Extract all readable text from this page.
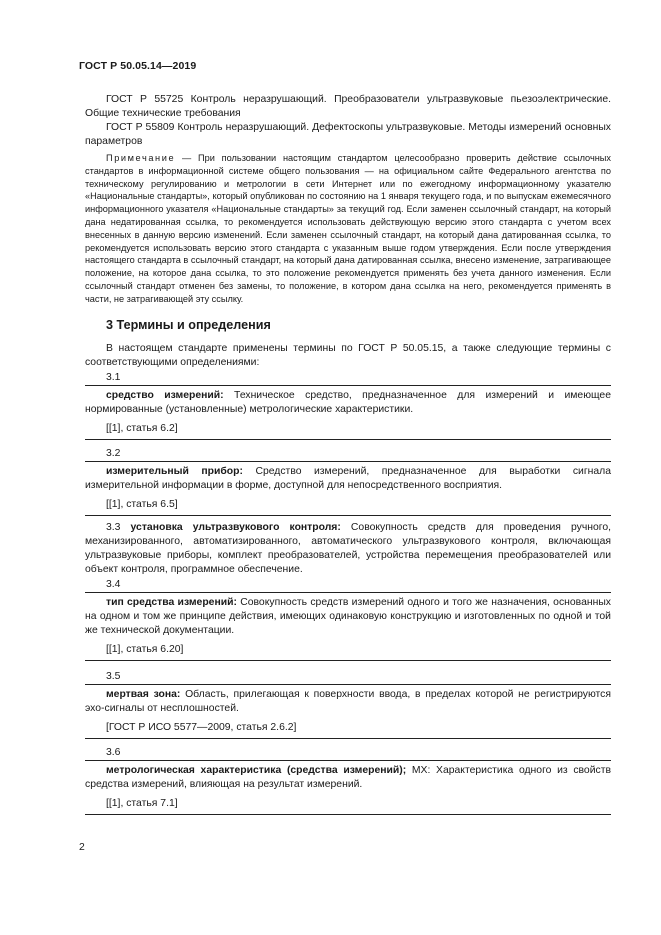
ГОСТ Р 50.05.14—2019

ГОСТ Р 55725 Контроль неразрушающий. Преобразователи ультразвуковые пьезоэлектрические. Общие технические требования

ГОСТ Р 55809 Контроль неразрушающий. Дефектоскопы ультразвуковые. Методы измерений основных параметров

Примечание — При пользовании настоящим стандартом целесообразно проверить действие ссылочных стандартов в информационной системе общего пользования — на официальном сайте Федерального агентства по техническому регулированию и метрологии в сети Интернет или по ежегодному информационному указателю «Национальные стандарты», который опубликован по состоянию на 1 января текущего года, и по выпускам ежемесячного информационного указателя «Национальные стандарты» за текущий год. Если заменен ссылочный стандарт, на который дана недатированная ссылка, то рекомендуется использовать действующую версию этого стандарта с учетом всех внесенных в данную версию изменений. Если заменен ссылочный стандарт, на который дана датированная ссылка, то рекомендуется использовать версию этого стандарта с указанным выше годом утверждения. Если после утверждения настоящего стандарта в ссылочный стандарт, на который дана датированная ссылка, внесено изменение, затрагивающее положение, на которое дана ссылка, то это положение рекомендуется применять без учета данного изменения. Если ссылочный стандарт отменен без замены, то положение, в котором дана ссылка на него, рекомендуется применять в части, не затрагивающей эту ссылку.

3 Термины и определения

В настоящем стандарте применены термины по ГОСТ Р 50.05.15, а также следующие термины с соответствующими определениями:

3.1

средство измерений: Техническое средство, предназначенное для измерений и имеющее нормированные (установленные) метрологические характеристики.

[[1], статья 6.2]
3.2

измерительный прибор: Средство измерений, предназначенное для выработки сигнала измерительной информации в форме, доступной для непосредственного восприятия.

[[1], статья 6.5]

3.3 установка ультразвукового контроля: Совокупность средств для проведения ручного, механизированного, автоматизированного, автоматического ультразвукового контроля, включающая ультразвуковые приборы, комплект преобразователей, устройства перемещения преобразователей или объект контроля, программное обеспечение.

3.4

тип средства измерений: Совокупность средств измерений одного и того же назначения, основанных на одном и том же принципе действия, имеющих одинаковую конструкцию и изготовленных по одной и той же технической документации.

[[1], статья 6.20]
3.5

мертвая зона: Область, прилегающая к поверхности ввода, в пределах которой не регистрируются эхо-сигналы от несплошностей.

[ГОСТ Р ИСО 5577—2009, статья 2.6.2]
3.6

метрологическая характеристика (средства измерений); МХ: Характеристика одного из свойств средства измерений, влияющая на результат измерений.

[[1], статья 7.1]
2
